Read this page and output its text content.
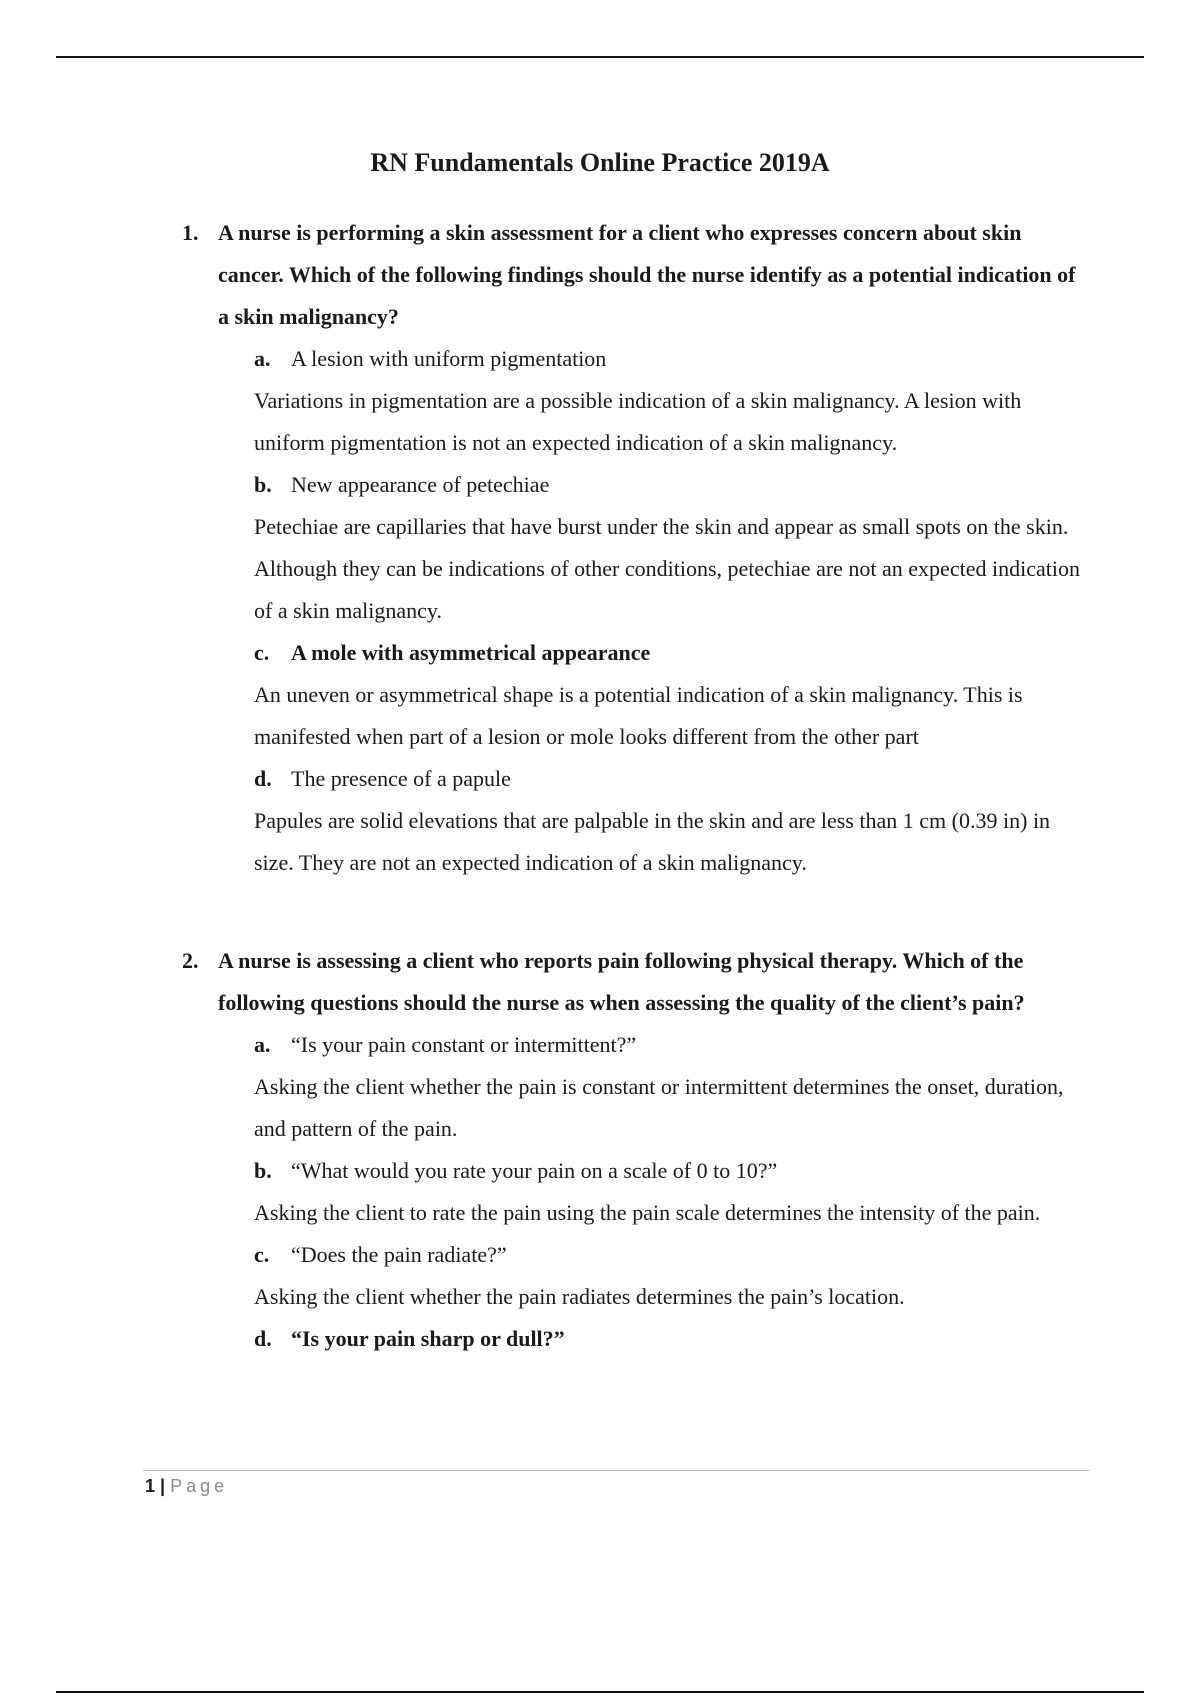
RN Fundamentals Online Practice 2019A
1. A nurse is performing a skin assessment for a client who expresses concern about skin cancer. Which of the following findings should the nurse identify as a potential indication of a skin malignancy?
a. A lesion with uniform pigmentation
Variations in pigmentation are a possible indication of a skin malignancy. A lesion with uniform pigmentation is not an expected indication of a skin malignancy.
b. New appearance of petechiae
Petechiae are capillaries that have burst under the skin and appear as small spots on the skin. Although they can be indications of other conditions, petechiae are not an expected indication of a skin malignancy.
c. A mole with asymmetrical appearance
An uneven or asymmetrical shape is a potential indication of a skin malignancy. This is manifested when part of a lesion or mole looks different from the other part
d. The presence of a papule
Papules are solid elevations that are palpable in the skin and are less than 1 cm (0.39 in) in size. They are not an expected indication of a skin malignancy.
2. A nurse is assessing a client who reports pain following physical therapy. Which of the following questions should the nurse as when assessing the quality of the client’s pain?
a. “Is your pain constant or intermittent?”
Asking the client whether the pain is constant or intermittent determines the onset, duration, and pattern of the pain.
b. “What would you rate your pain on a scale of 0 to 10?”
Asking the client to rate the pain using the pain scale determines the intensity of the pain.
c. “Does the pain radiate?”
Asking the client whether the pain radiates determines the pain’s location.
d. “Is your pain sharp or dull?”
1 | Page
